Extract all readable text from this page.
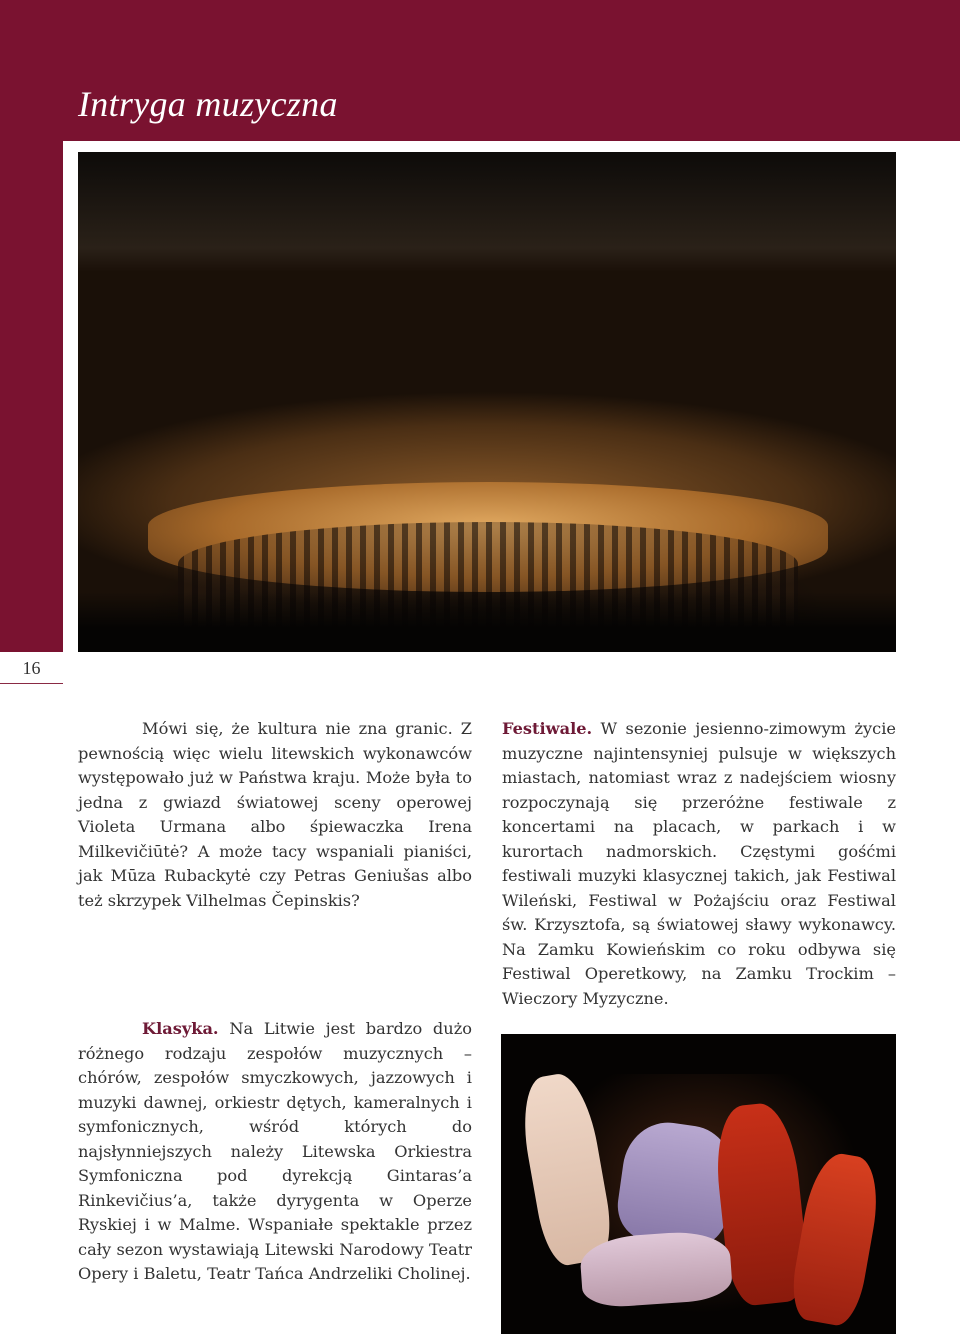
Intryga muzyczna
16

Mówi się, że kultura nie zna granic. Z pewnością więc wielu litewskich wykonawców występowało już w Państwa kraju. Może była to jedna z gwiazd światowej sceny operowej Violeta Urmana albo śpiewaczka Irena Milkevičiūtė? A może tacy wspaniali pianiści, jak Mūza Rubackytė czy Petras Geniušas albo też skrzypek Vilhelmas Čepinskis?

Festiwale. W sezonie jesienno-zimowym życie muzyczne najintensyniej pulsuje w większych miastach, natomiast wraz z nadejściem wiosny rozpoczynają się przeróżne festiwale z koncertami na placach, w parkach i w kurortach nadmorskich. Częstymi gośćmi festiwali muzyki klasycznej takich, jak Festiwal Wileński, Festiwal w Pożajściu oraz Festiwal św. Krzysztofa, są światowej sławy wykonawcy. Na Zamku Kowieńskim co roku odbywa się Festiwal Operetkowy, na Zamku Trockim – Wieczory Myzyczne.

Klasyka. Na Litwie jest bardzo dużo różnego rodzaju zespołów muzycznych – chórów, zespołów smyczkowych, jazzowych i muzyki dawnej, orkiestr dętych, kameralnych i symfonicznych, wśród których do najsłynniejszych należy Litewska Orkiestra Symfoniczna pod dyrekcją Gintaras’a Rinkevičius’a, także dyrygenta w Operze Ryskiej i w Malme. Wspaniałe spektakle przez cały sezon wystawiają Litewski Narodowy Teatr Opery i Baletu, Teatr Tańca Andrzeliki Cholinej.
